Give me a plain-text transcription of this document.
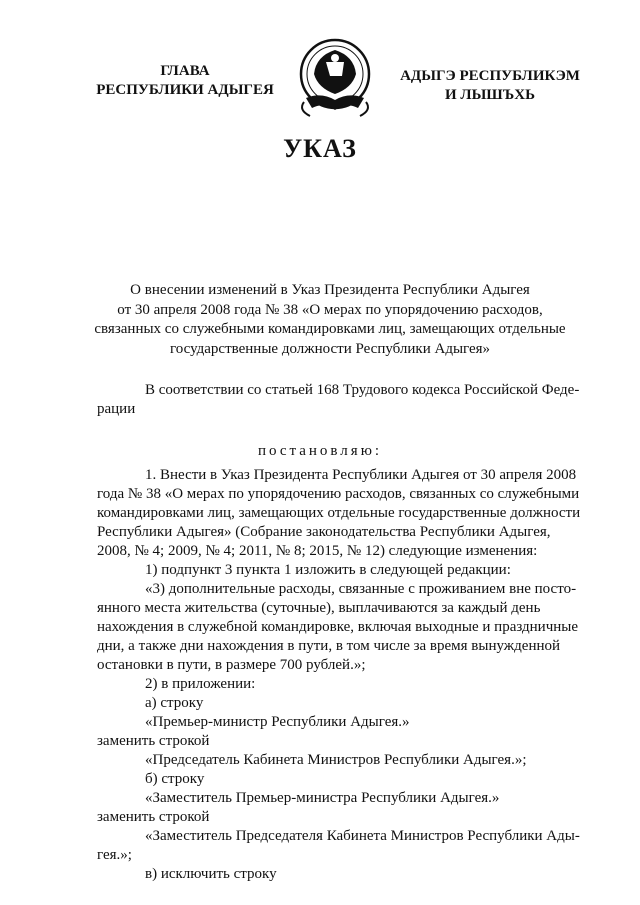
ГЛАВА
РЕСПУБЛИКИ АДЫГЕЯ
АДЫГЭ РЕСПУБЛИКЭМ
И ЛЫШЪХЬ
УКАЗ
О внесении изменений в Указ Президента Республики Адыгея
от 30 апреля 2008 года № 38 «О мерах по упорядочению расходов,
связанных со служебными командировками лиц, замещающих отдельные
государственные должности Республики Адыгея»
В соответствии со статьей 168 Трудового кодекса Российской Феде-
рации
постановляю:
1. Внести в Указ Президента Республики Адыгея от 30 апреля 2008
года № 38 «О мерах по упорядочению расходов, связанных со служебными
командировками лиц, замещающих отдельные государственные должности
Республики Адыгея» (Собрание законодательства Республики Адыгея,
2008, № 4; 2009, № 4; 2011, № 8; 2015, № 12) следующие изменения:
1) подпункт 3 пункта 1 изложить в следующей редакции:
«3) дополнительные расходы, связанные с проживанием вне посто-
янного места жительства (суточные), выплачиваются за каждый день
нахождения в служебной командировке, включая выходные и праздничные
дни, а также дни нахождения в пути, в том числе за время вынужденной
остановки в пути, в размере 700 рублей.»;
2) в приложении:
а) строку
«Премьер-министр Республики Адыгея.»
заменить строкой
«Председатель Кабинета Министров Республики Адыгея.»;
б) строку
«Заместитель Премьер-министра Республики Адыгея.»
заменить строкой
«Заместитель Председателя Кабинета Министров Республики Ады-
гея.»;
в) исключить строку
